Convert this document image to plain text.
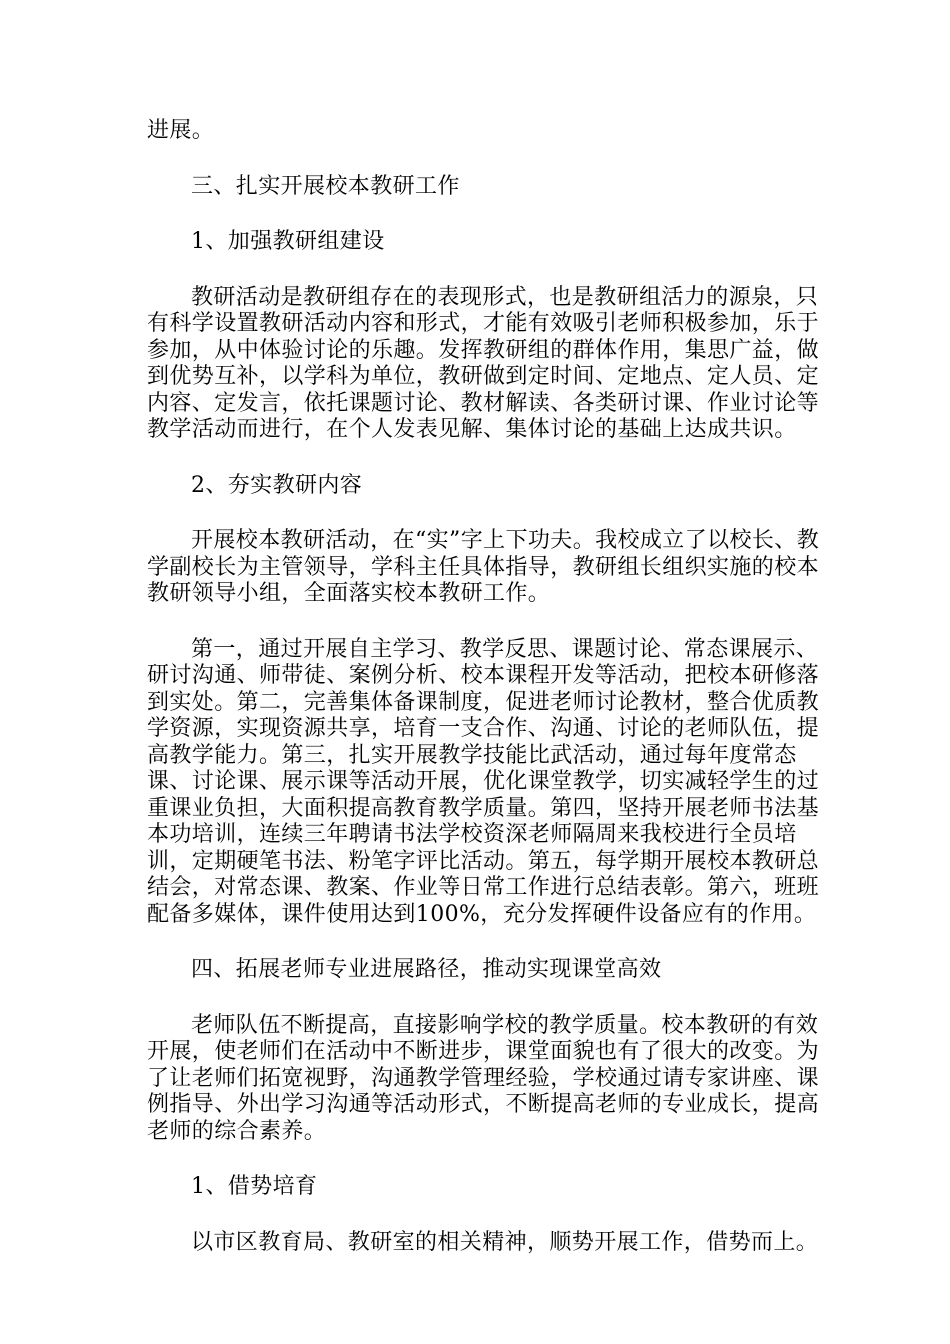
进展。

三、扎实开展校本教研工作

1、加强教研组建设

教研活动是教研组存在的表现形式，也是教研组活力的源泉，只有科学设置教研活动内容和形式，才能有效吸引老师积极参加，乐于参加，从中体验讨论的乐趣。发挥教研组的群体作用，集思广益，做到优势互补，以学科为单位，教研做到定时间、定地点、定人员、定内容、定发言，依托课题讨论、教材解读、各类研讨课、作业讨论等教学活动而进行，在个人发表见解、集体讨论的基础上达成共识。

2、夯实教研内容

开展校本教研活动，在“实”字上下功夫。我校成立了以校长、教学副校长为主管领导，学科主任具体指导，教研组长组织实施的校本教研领导小组，全面落实校本教研工作。

第一，通过开展自主学习、教学反思、课题讨论、常态课展示、研讨沟通、师带徒、案例分析、校本课程开发等活动，把校本研修落到实处。第二，完善集体备课制度，促进老师讨论教材，整合优质教学资源，实现资源共享，培育一支合作、沟通、讨论的老师队伍，提高教学能力。第三，扎实开展教学技能比武活动，通过每年度常态课、讨论课、展示课等活动开展，优化课堂教学，切实减轻学生的过重课业负担，大面积提高教育教学质量。第四，坚持开展老师书法基本功培训，连续三年聘请书法学校资深老师隔周来我校进行全员培训，定期硬笔书法、粉笔字评比活动。第五，每学期开展校本教研总结会，对常态课、教案、作业等日常工作进行总结表彰。第六，班班配备多媒体，课件使用达到100%，充分发挥硬件设备应有的作用。

四、拓展老师专业进展路径，推动实现课堂高效

老师队伍不断提高，直接影响学校的教学质量。校本教研的有效开展，使老师们在活动中不断进步，课堂面貌也有了很大的改变。为了让老师们拓宽视野，沟通教学管理经验，学校通过请专家讲座、课例指导、外出学习沟通等活动形式，不断提高老师的专业成长，提高老师的综合素养。

1、借势培育

以市区教育局、教研室的相关精神，顺势开展工作，借势而上。
